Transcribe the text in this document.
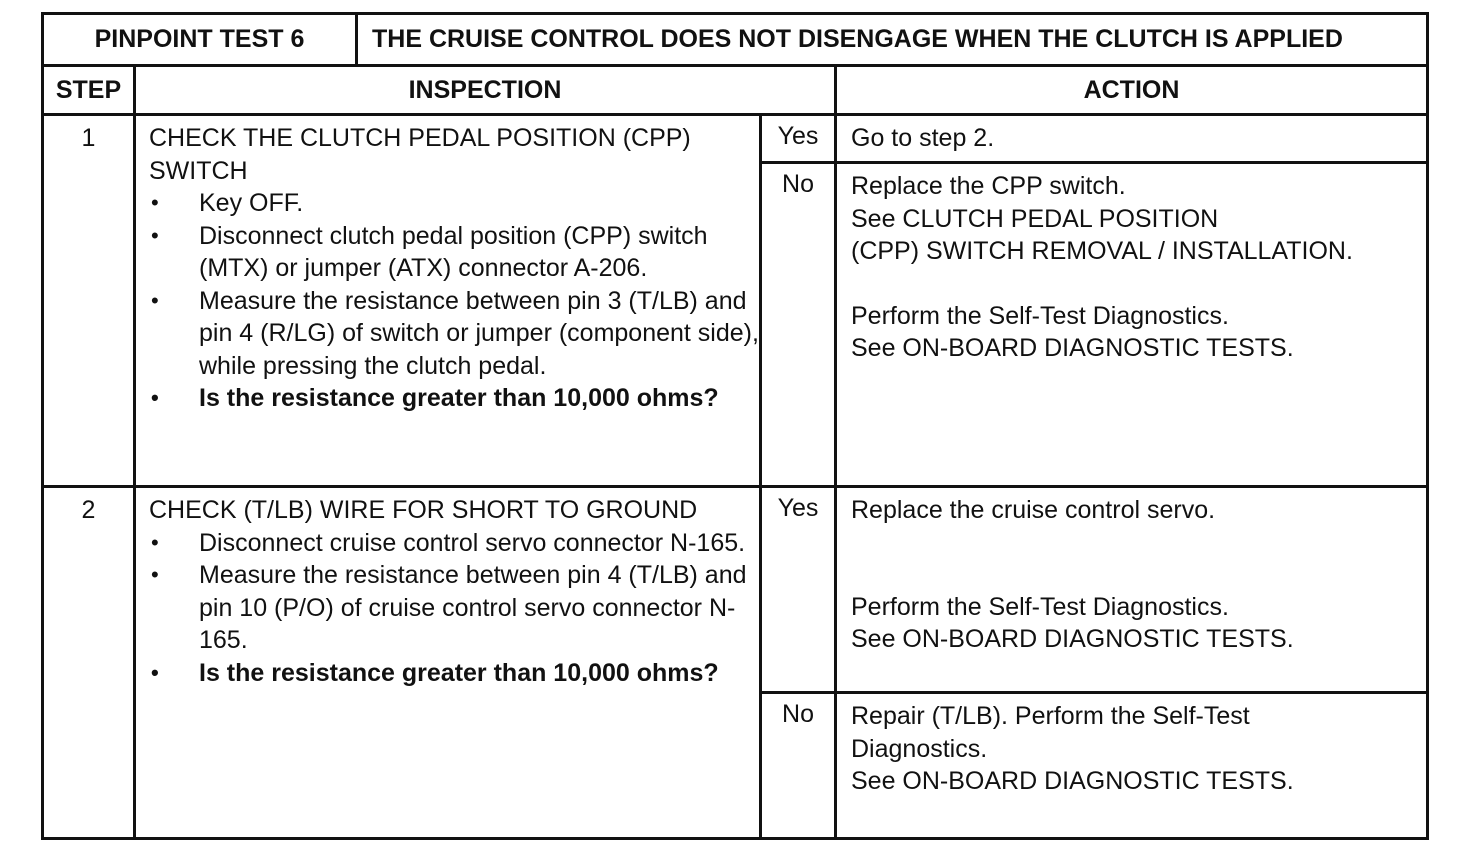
PINPOINT TEST 6	THE CRUISE CONTROL DOES NOT DISENGAGE WHEN THE CLUTCH IS APPLIED
STEP	INSPECTION	ACTION
1	CHECK THE CLUTCH PEDAL POSITION (CPP) SWITCH
• Key OFF.
• Disconnect clutch pedal position (CPP) switch (MTX) or jumper (ATX) connector A-206.
• Measure the resistance between pin 3 (T/LB) and pin 4 (R/LG) of switch or jumper (component side), while pressing the clutch pedal.
• Is the resistance greater than 10,000 ohms?
Yes	Go to step 2.
No	Replace the CPP switch.
See CLUTCH PEDAL POSITION
(CPP) SWITCH REMOVAL / INSTALLATION.
Perform the Self-Test Diagnostics.
See ON-BOARD DIAGNOSTIC TESTS.
2	CHECK (T/LB) WIRE FOR SHORT TO GROUND
• Disconnect cruise control servo connector N-165.
• Measure the resistance between pin 4 (T/LB) and pin 10 (P/O) of cruise control servo connector N-165.
• Is the resistance greater than 10,000 ohms?
Yes	Replace the cruise control servo.
Perform the Self-Test Diagnostics.
See ON-BOARD DIAGNOSTIC TESTS.
No	Repair (T/LB). Perform the Self-Test
Diagnostics.
See ON-BOARD DIAGNOSTIC TESTS.
